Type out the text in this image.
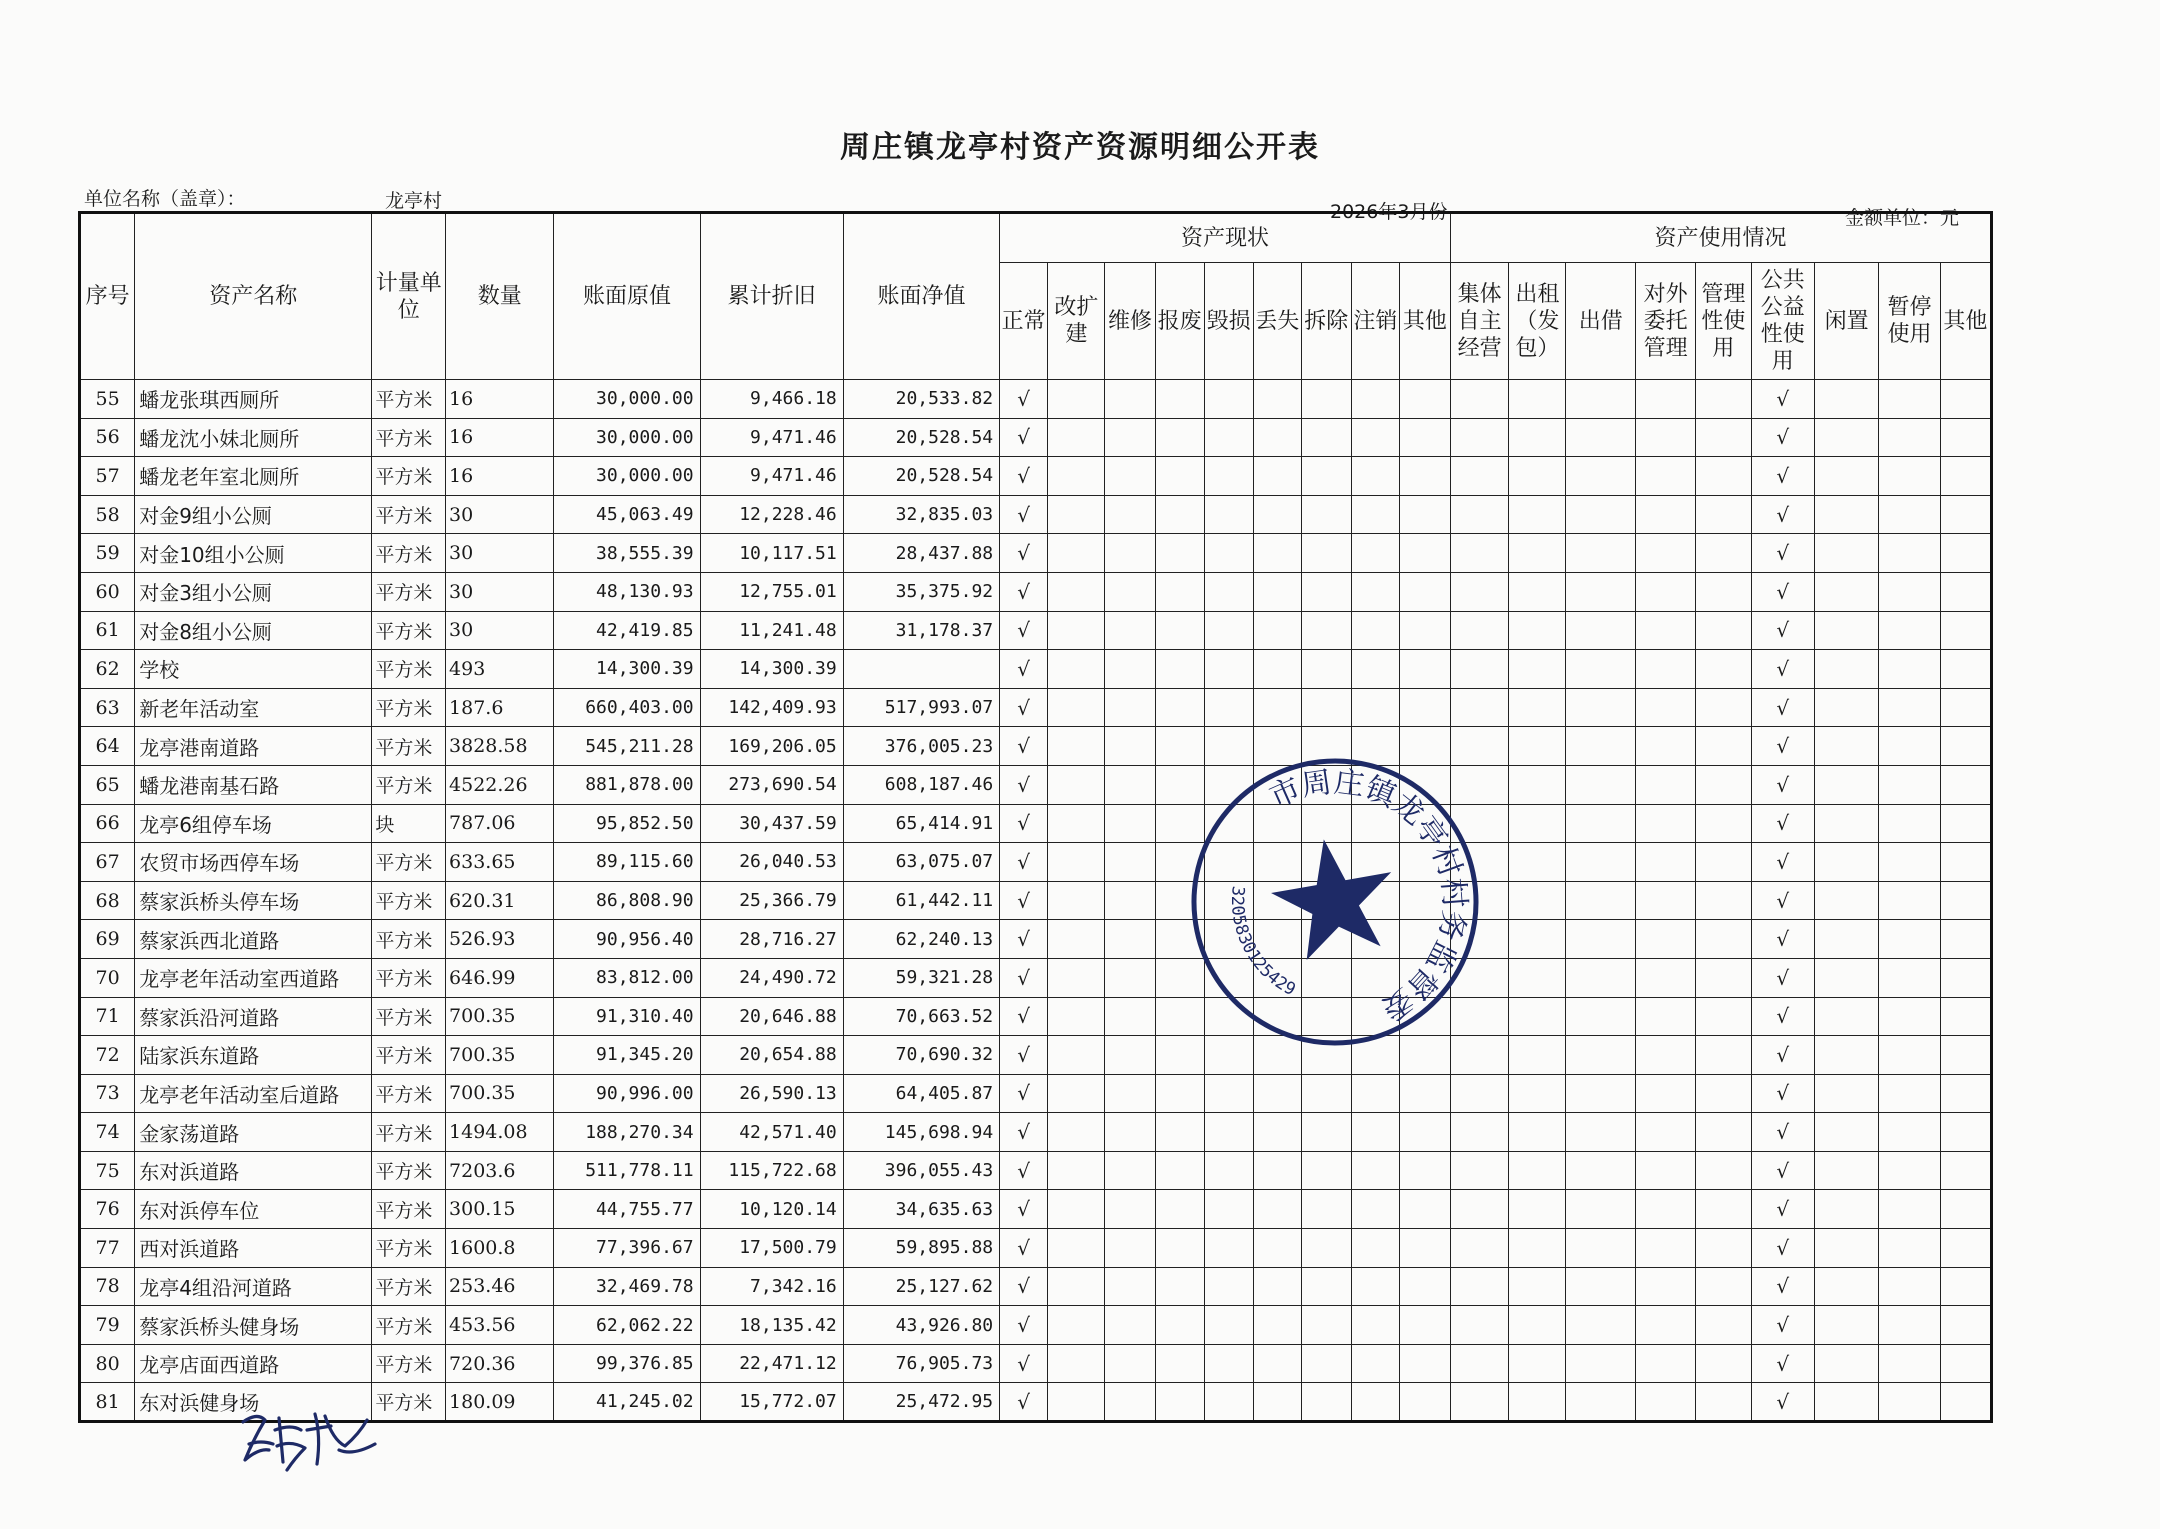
周庄镇龙亭村资产资源明细公开表
单位名称（盖章）：	龙亭村	2026年3月份	金额单位：元
序号	资产名称	计量单位	数量	账面原值	累计折旧	账面净值	资产现状									资产使用情况								
							正常	改扩建	维修	报废	毁损	丢失	拆除	注销	其他	集体自主经营	出租（发包）	出借	对外委托管理	管理性使用	公共公益性使用	闲置	暂停使用	其他
55	蟠龙张琪西厕所	平方米	16	30,000.00	9,466.18	20,533.82	√														√			
56	蟠龙沈小妹北厕所	平方米	16	30,000.00	9,471.46	20,528.54	√														√			
57	蟠龙老年室北厕所	平方米	16	30,000.00	9,471.46	20,528.54	√														√			
58	对金9组小公厕	平方米	30	45,063.49	12,228.46	32,835.03	√														√			
59	对金10组小公厕	平方米	30	38,555.39	10,117.51	28,437.88	√														√			
60	对金3组小公厕	平方米	30	48,130.93	12,755.01	35,375.92	√														√			
61	对金8组小公厕	平方米	30	42,419.85	11,241.48	31,178.37	√														√			
62	学校	平方米	493	14,300.39	14,300.39		√														√			
63	新老年活动室	平方米	187.6	660,403.00	142,409.93	517,993.07	√														√			
64	龙亭港南道路	平方米	3828.58	545,211.28	169,206.05	376,005.23	√														√			
65	蟠龙港南基石路	平方米	4522.26	881,878.00	273,690.54	608,187.46	√														√			
66	龙亭6组停车场	块	787.06	95,852.50	30,437.59	65,414.91	√														√			
67	农贸市场西停车场	平方米	633.65	89,115.60	26,040.53	63,075.07	√														√			
68	蔡家浜桥头停车场	平方米	620.31	86,808.90	25,366.79	61,442.11	√														√			
69	蔡家浜西北道路	平方米	526.93	90,956.40	28,716.27	62,240.13	√														√			
70	龙亭老年活动室西道路	平方米	646.99	83,812.00	24,490.72	59,321.28	√														√			
71	蔡家浜沿河道路	平方米	700.35	91,310.40	20,646.88	70,663.52	√														√			
72	陆家浜东道路	平方米	700.35	91,345.20	20,654.88	70,690.32	√														√			
73	龙亭老年活动室后道路	平方米	700.35	90,996.00	26,590.13	64,405.87	√														√			
74	金家荡道路	平方米	1494.08	188,270.34	42,571.40	145,698.94	√														√			
75	东对浜道路	平方米	7203.6	511,778.11	115,722.68	396,055.43	√														√			
76	东对浜停车位	平方米	300.15	44,755.77	10,120.14	34,635.63	√														√			
77	西对浜道路	平方米	1600.8	77,396.67	17,500.79	59,895.88	√														√			
78	龙亭4组沿河道路	平方米	253.46	32,469.78	7,342.16	25,127.62	√														√			
79	蔡家浜桥头健身场	平方米	453.56	62,062.22	18,135.42	43,926.80	√														√			
80	龙亭店面西道路	平方米	720.36	99,376.85	22,471.12	76,905.73	√														√			
81	东对浜健身场	平方米	180.09	41,245.02	15,772.07	25,472.95	√														√			
昆山市周庄镇龙亭村村务监督委员会
3205830125429
